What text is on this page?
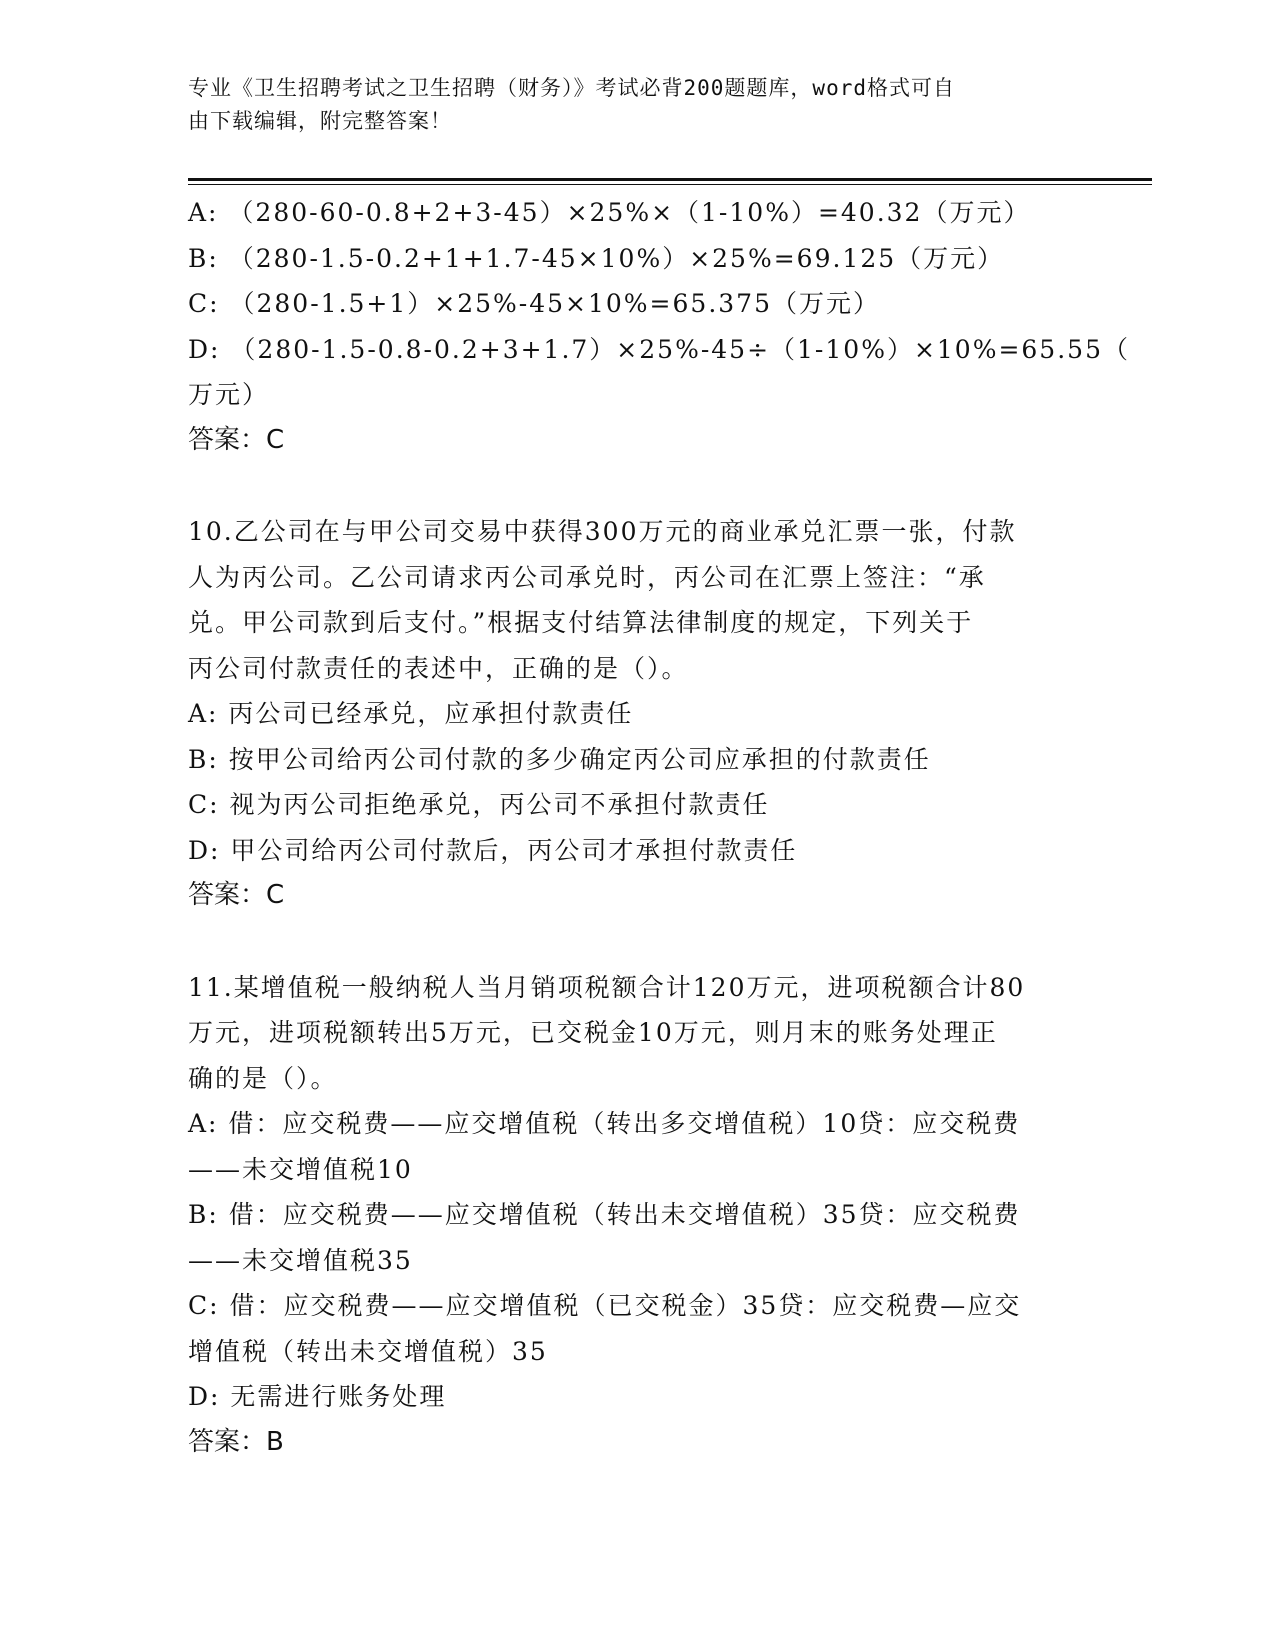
专业《卫生招聘考试之卫生招聘（财务）》考试必背200题题库，word格式可自
由下载编辑，附完整答案！
A: （280-60-0.8+2+3-45）×25%×（1-10%）=40.32（万元）
B: （280-1.5-0.2+1+1.7-45×10%）×25%=69.125（万元）
C: （280-1.5+1）×25%-45×10%=65.375（万元）
D: （280-1.5-0.8-0.2+3+1.7）×25%-45÷（1-10%）×10%=65.55（
万元）
答案：C
10.乙公司在与甲公司交易中获得300万元的商业承兑汇票一张，付款
人为丙公司。乙公司请求丙公司承兑时，丙公司在汇票上签注：“承
兑。甲公司款到后支付。”根据支付结算法律制度的规定，下列关于
丙公司付款责任的表述中，正确的是（）。
A: 丙公司已经承兑，应承担付款责任
B: 按甲公司给丙公司付款的多少确定丙公司应承担的付款责任
C: 视为丙公司拒绝承兑，丙公司不承担付款责任
D: 甲公司给丙公司付款后，丙公司才承担付款责任
答案：C
11.某增值税一般纳税人当月销项税额合计120万元，进项税额合计80
万元，进项税额转出5万元，已交税金10万元，则月末的账务处理正
确的是（）。
A: 借：应交税费——应交增值税（转出多交增值税）10贷：应交税费
——未交增值税10
B: 借：应交税费——应交增值税（转出未交增值税）35贷：应交税费
——未交增值税35
C: 借：应交税费——应交增值税（已交税金）35贷：应交税费—应交
增值税（转出未交增值税）35
D: 无需进行账务处理
答案：B
